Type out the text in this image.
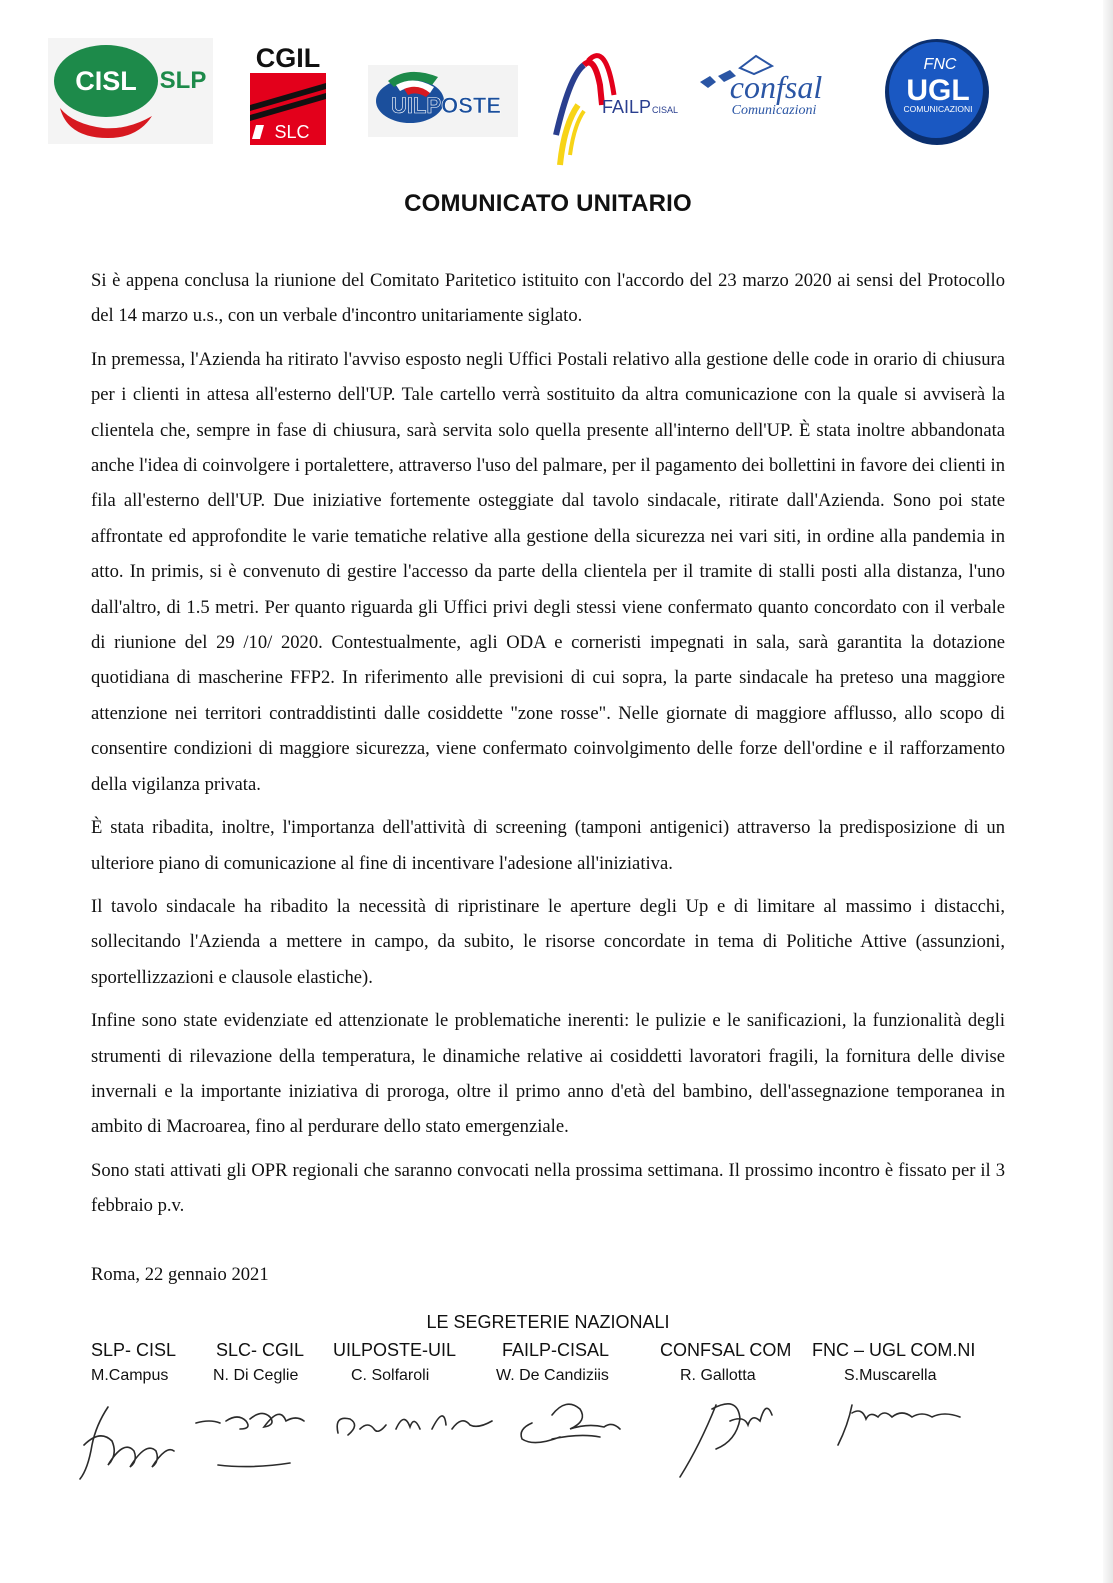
CISL SLP
CGIL
SLC
UILPOSTE	FAILP CISAL
confsal
Comunicazioni
FNC
UGL
COMUNICAZIONI
COMUNICATO UNITARIO

Si è appena conclusa la riunione del Comitato Paritetico istituito con l'accordo del 23 marzo 2020 ai sensi del Protocollo del 14 marzo u.s., con un verbale d'incontro unitariamente siglato.

In premessa, l'Azienda ha ritirato l'avviso esposto negli Uffici Postali relativo alla gestione delle code in orario di chiusura per i clienti in attesa all'esterno dell'UP. Tale cartello verrà sostituito da altra comunicazione con la quale si avviserà la clientela che, sempre in fase di chiusura, sarà servita solo quella presente all'interno dell'UP. È stata inoltre abbandonata anche l'idea di coinvolgere i portalettere, attraverso l'uso del palmare, per il pagamento dei bollettini in favore dei clienti in fila all'esterno dell'UP. Due iniziative fortemente osteggiate dal tavolo sindacale, ritirate dall'Azienda. Sono poi state affrontate ed approfondite le varie tematiche relative alla gestione della sicurezza nei vari siti, in ordine alla pandemia in atto. In primis, si è convenuto di gestire l'accesso da parte della clientela per il tramite di stalli posti alla distanza, l'uno dall'altro, di 1.5 metri. Per quanto riguarda gli Uffici privi degli stessi viene confermato quanto concordato con il verbale di riunione del 29 /10/ 2020. Contestualmente, agli ODA e corneristi impegnati in sala, sarà garantita la dotazione quotidiana di mascherine FFP2. In riferimento alle previsioni di cui sopra, la parte sindacale ha preteso una maggiore attenzione nei territori contraddistinti dalle cosiddette "zone rosse". Nelle giornate di maggiore afflusso, allo scopo di consentire condizioni di maggiore sicurezza, viene confermato coinvolgimento delle forze dell'ordine e il rafforzamento della vigilanza privata.

È stata ribadita, inoltre, l'importanza dell'attività di screening (tamponi antigenici) attraverso la predisposizione di un ulteriore piano di comunicazione al fine di incentivare l'adesione all'iniziativa.

Il tavolo sindacale ha ribadito la necessità di ripristinare le aperture degli Up e di limitare al massimo i distacchi, sollecitando l'Azienda a mettere in campo, da subito, le risorse concordate in tema di Politiche Attive (assunzioni, sportellizzazioni e clausole elastiche).

Infine sono state evidenziate ed attenzionate le problematiche inerenti: le pulizie e le sanificazioni, la funzionalità degli strumenti di rilevazione della temperatura, le dinamiche relative ai cosiddetti lavoratori fragili, la fornitura delle divise invernali e la importante iniziativa di proroga, oltre il primo anno d'età del bambino, dell'assegnazione temporanea in ambito di Macroarea, fino al perdurare dello stato emergenziale.

Sono stati attivati gli OPR regionali che saranno convocati nella prossima settimana. Il prossimo incontro è fissato per il 3 febbraio p.v.

Roma, 22 gennaio 2021
LE SEGRETERIE NAZIONALI
SLP- CISL
M.Campus
SLC- CGIL
N. Di Ceglie
UILPOSTE-UIL
C. Solfaroli
FAILP-CISAL
W. De Candiziis
CONFSAL COM
R. Gallotta
FNC – UGL COM.NI
S.Muscarella
